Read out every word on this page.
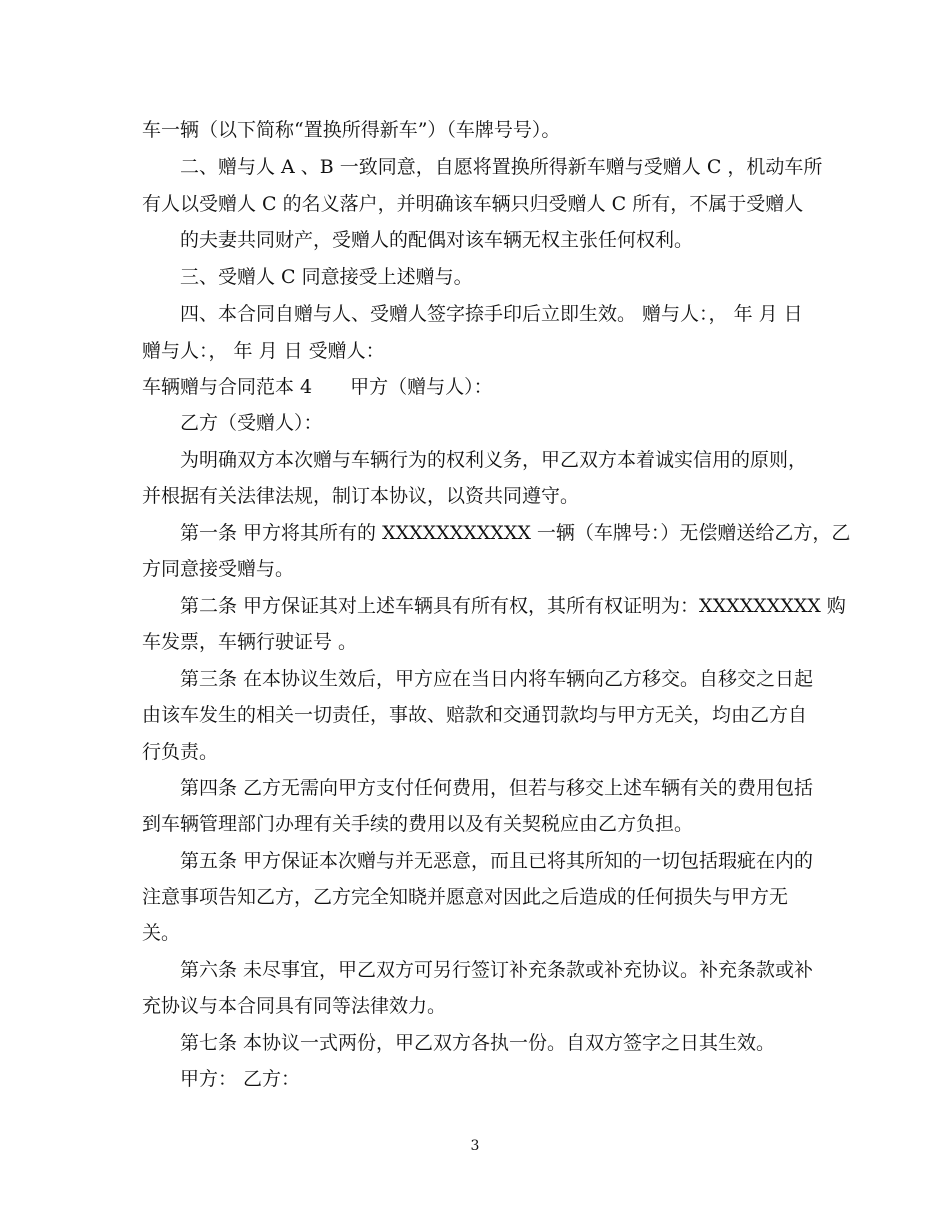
车一辆（以下简称“置换所得新车”）（车牌号号）。
二、赠与人 A 、B 一致同意，自愿将置换所得新车赠与受赠人 C ，机动车所
有人以受赠人 C 的名义落户，并明确该车辆只归受赠人 C 所有，不属于受赠人
的夫妻共同财产，受赠人的配偶对该车辆无权主张任何权利。
三、受赠人 C 同意接受上述赠与。
四、本合同自赠与人、受赠人签字捺手印后立即生效。 赠与人：， 年 月 日
赠与人：， 年 月 日 受赠人：
车辆赠与合同范本 4　　甲方（赠与人）：
乙方（受赠人）：
为明确双方本次赠与车辆行为的权利义务，甲乙双方本着诚实信用的原则，
并根据有关法律法规，制订本协议，以资共同遵守。
第一条 甲方将其所有的 XXXXXXXXXXX 一辆（车牌号：）无偿赠送给乙方，乙
方同意接受赠与。
第二条 甲方保证其对上述车辆具有所有权，其所有权证明为：XXXXXXXXX 购
车发票，车辆行驶证号 。
第三条 在本协议生效后，甲方应在当日内将车辆向乙方移交。自移交之日起
由该车发生的相关一切责任，事故、赔款和交通罚款均与甲方无关，均由乙方自
行负责。
第四条 乙方无需向甲方支付任何费用，但若与移交上述车辆有关的费用包括
到车辆管理部门办理有关手续的费用以及有关契税应由乙方负担。
第五条 甲方保证本次赠与并无恶意，而且已将其所知的一切包括瑕疵在内的
注意事项告知乙方，乙方完全知晓并愿意对因此之后造成的任何损失与甲方无
关。
第六条 未尽事宜，甲乙双方可另行签订补充条款或补充协议。补充条款或补
充协议与本合同具有同等法律效力。
第七条 本协议一式两份，甲乙双方各执一份。自双方签字之日其生效。
甲方： 乙方：
3
